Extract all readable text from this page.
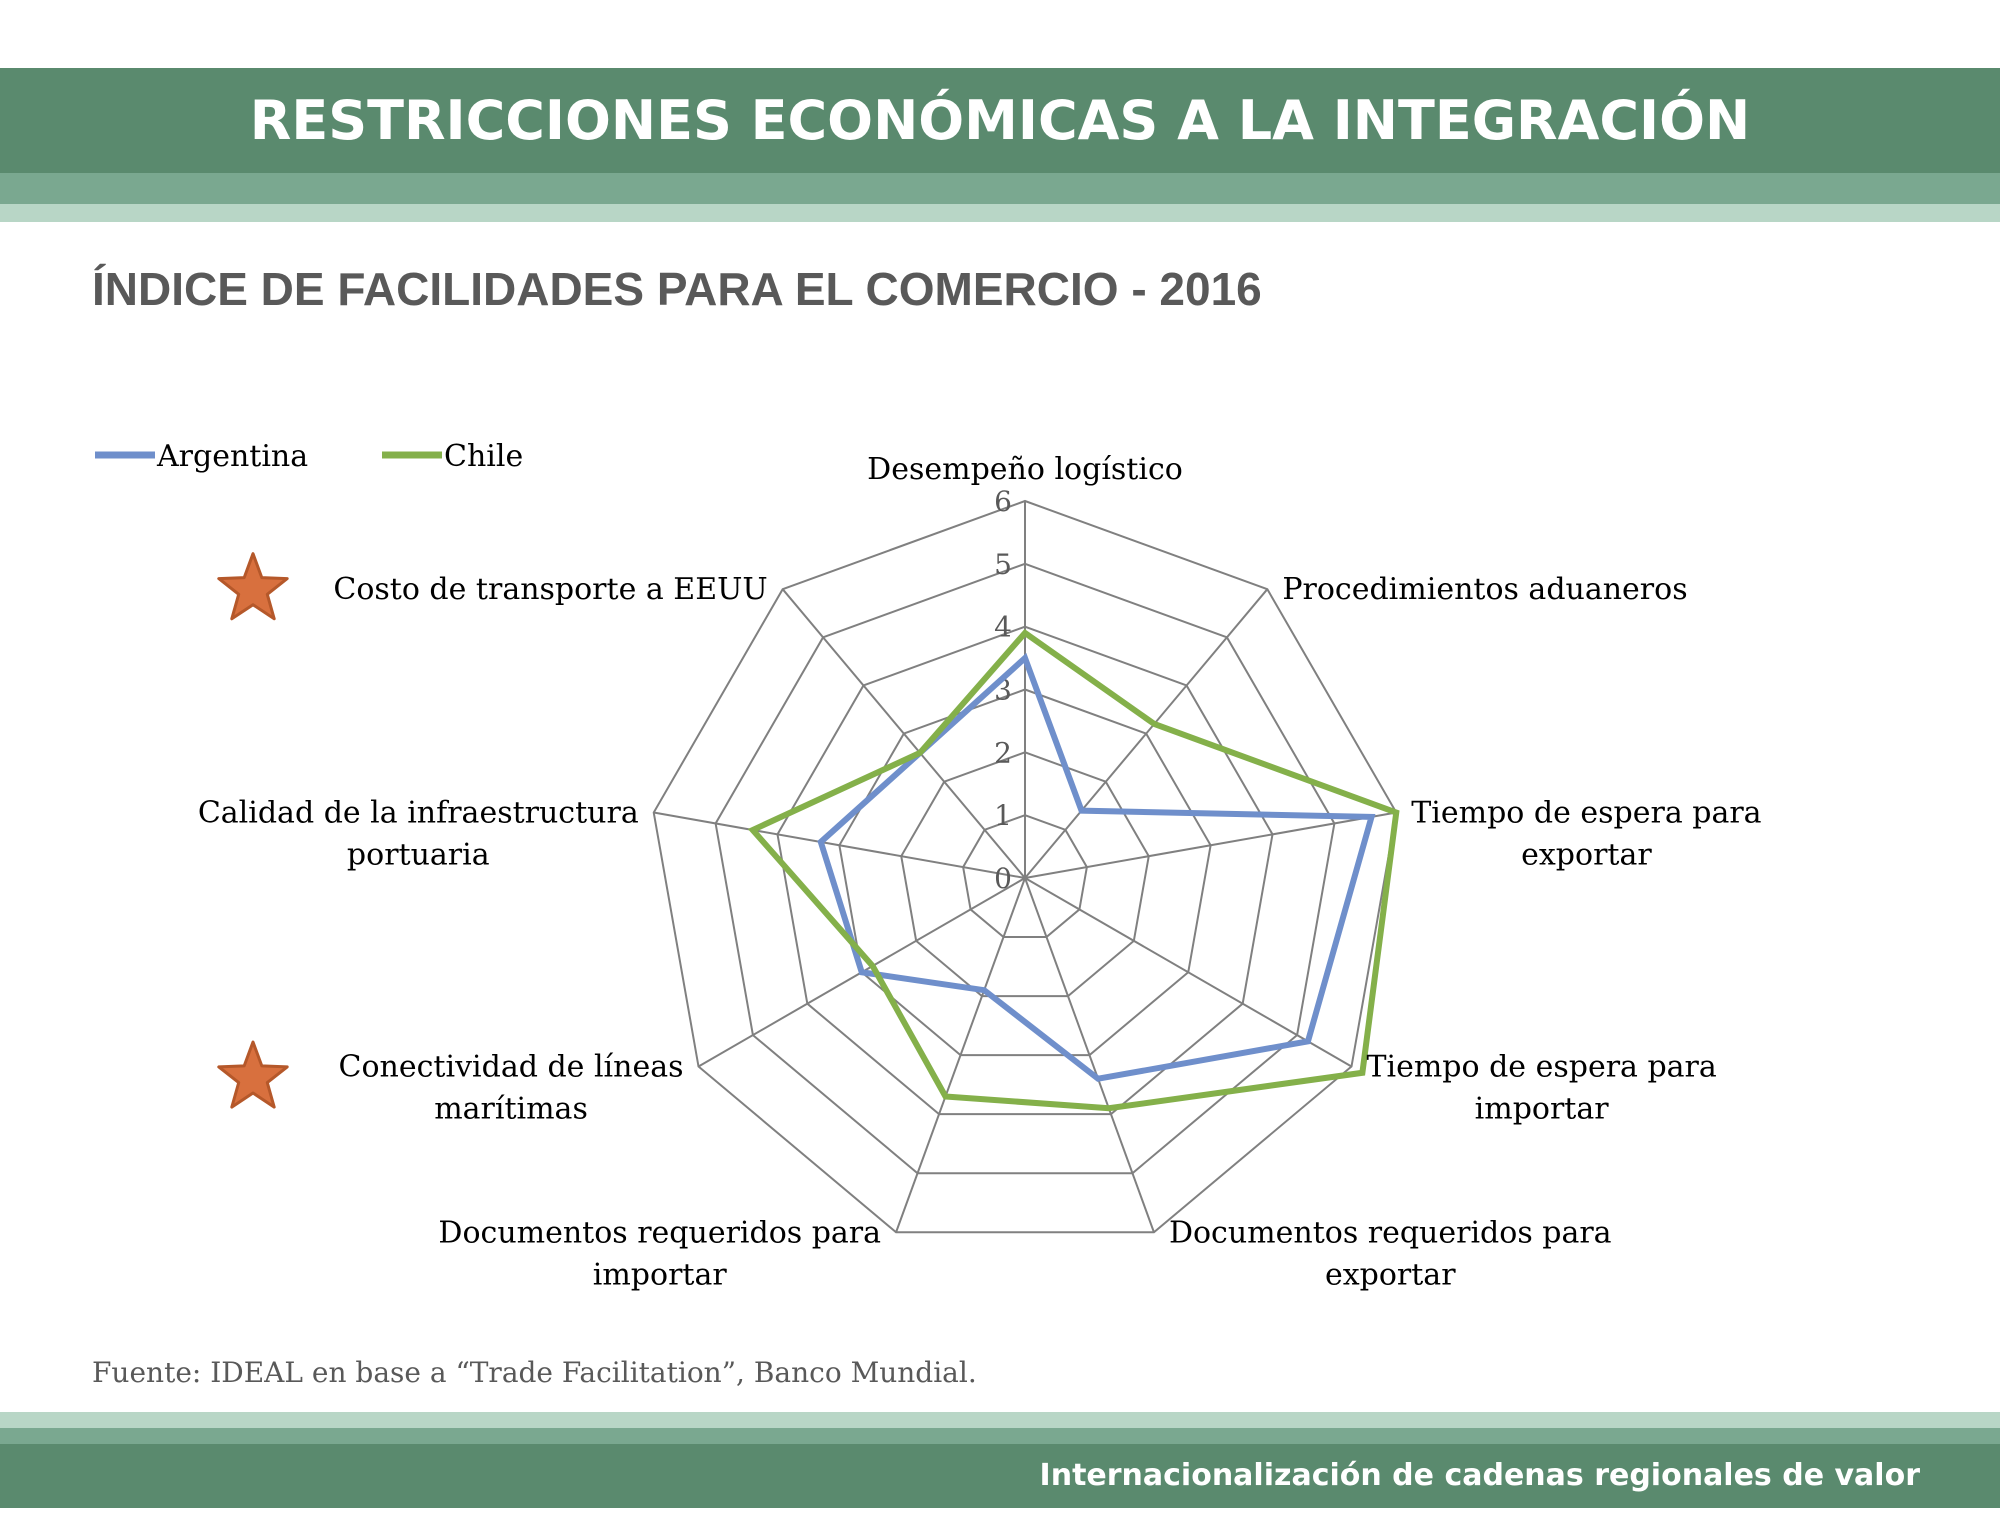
RESTRICCIONES ECONÓMICAS A LA INTEGRACIÓN
ÍNDICE DE FACILIDADES PARA EL COMERCIO - 2016
0
1
2
3
4
5
6
Desempeño logístico
Procedimientos aduaneros
Tiempo de espera para exportar
Tiempo de espera para importar
Documentos requeridos para exportar
Documentos requeridos para importar
Conectividad de líneas marítimas
Calidad de la infraestructura portuaria
Costo de transporte a EEUU
Argentina	Chile
Fuente: IDEAL en base a “Trade Facilitation”, Banco Mundial.
Internacionalización de cadenas regionales de valor
